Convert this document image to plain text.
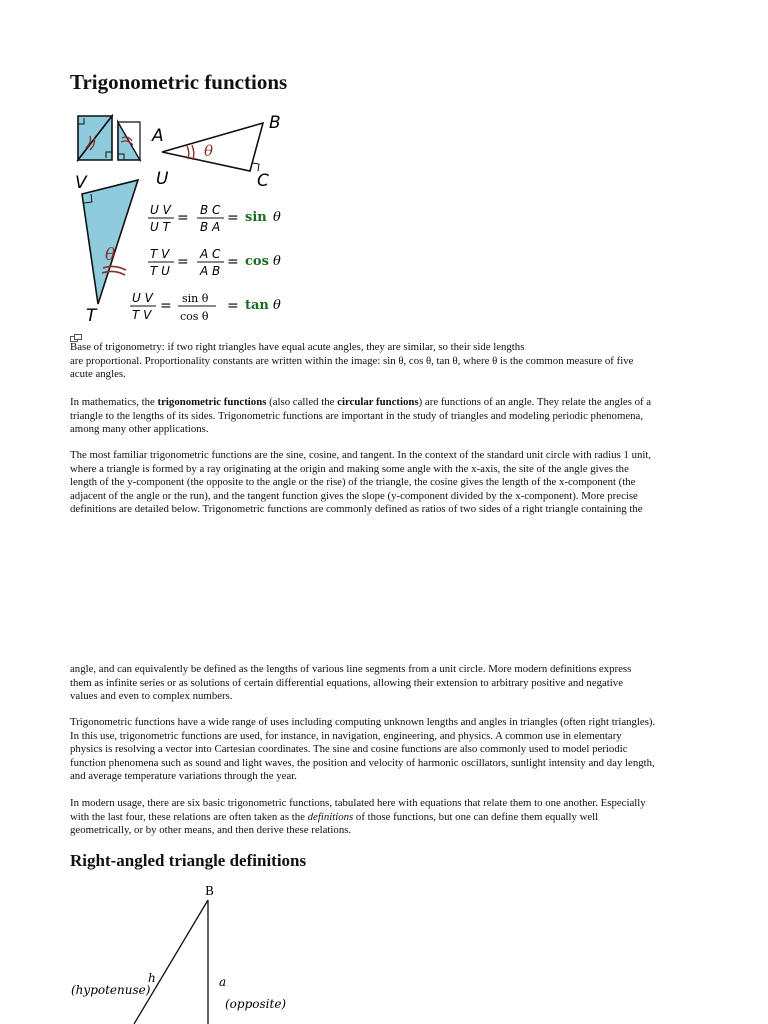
Trigonometric functions
A
B
C
θ
V	U
T
θ
U V
U T
= B C
B A
= sin θ
T V
T U
= A C
A B
= cos θ
U V
T V
= sin θ
cos θ
= tan θ

Base of trigonometry: if two right triangles have equal acute angles, they are similar, so their side lengths
are proportional. Proportionality constants are written within the image: sin θ, cos θ, tan θ, where θ is the common measure of five
acute angles.

In mathematics, the trigonometric functions (also called the circular functions) are functions of an angle. They relate the angles of a
triangle to the lengths of its sides. Trigonometric functions are important in the study of triangles and modeling periodic phenomena,
among many other applications.

The most familiar trigonometric functions are the sine, cosine, and tangent. In the context of the standard unit circle with radius 1 unit,
where a triangle is formed by a ray originating at the origin and making some angle with the x-axis, the site of the angle gives the
length of the y-component (the opposite to the angle or the rise) of the triangle, the cosine gives the length of the x-component (the
adjacent of the angle or the run), and the tangent function gives the slope (y-component divided by the x-component). More precise
definitions are detailed below. Trigonometric functions are commonly defined as ratios of two sides of a right triangle containing the

angle, and can equivalently be defined as the lengths of various line segments from a unit circle. More modern definitions express
them as infinite series or as solutions of certain differential equations, allowing their extension to arbitrary positive and negative
values and even to complex numbers.

Trigonometric functions have a wide range of uses including computing unknown lengths and angles in triangles (often right triangles).
In this use, trigonometric functions are used, for instance, in navigation, engineering, and physics. A common use in elementary
physics is resolving a vector into Cartesian coordinates. The sine and cosine functions are also commonly used to model periodic
function phenomena such as sound and light waves, the position and velocity of harmonic oscillators, sunlight intensity and day length,
and average temperature variations through the year.

In modern usage, there are six basic trigonometric functions, tabulated here with equations that relate them to one another. Especially
with the last four, these relations are often taken as the definitions of those functions, but one can define them equally well
geometrically, or by other means, and then derive these relations.

Right-angled triangle definitions
B
h
(hypotenuse)
a
(opposite)
